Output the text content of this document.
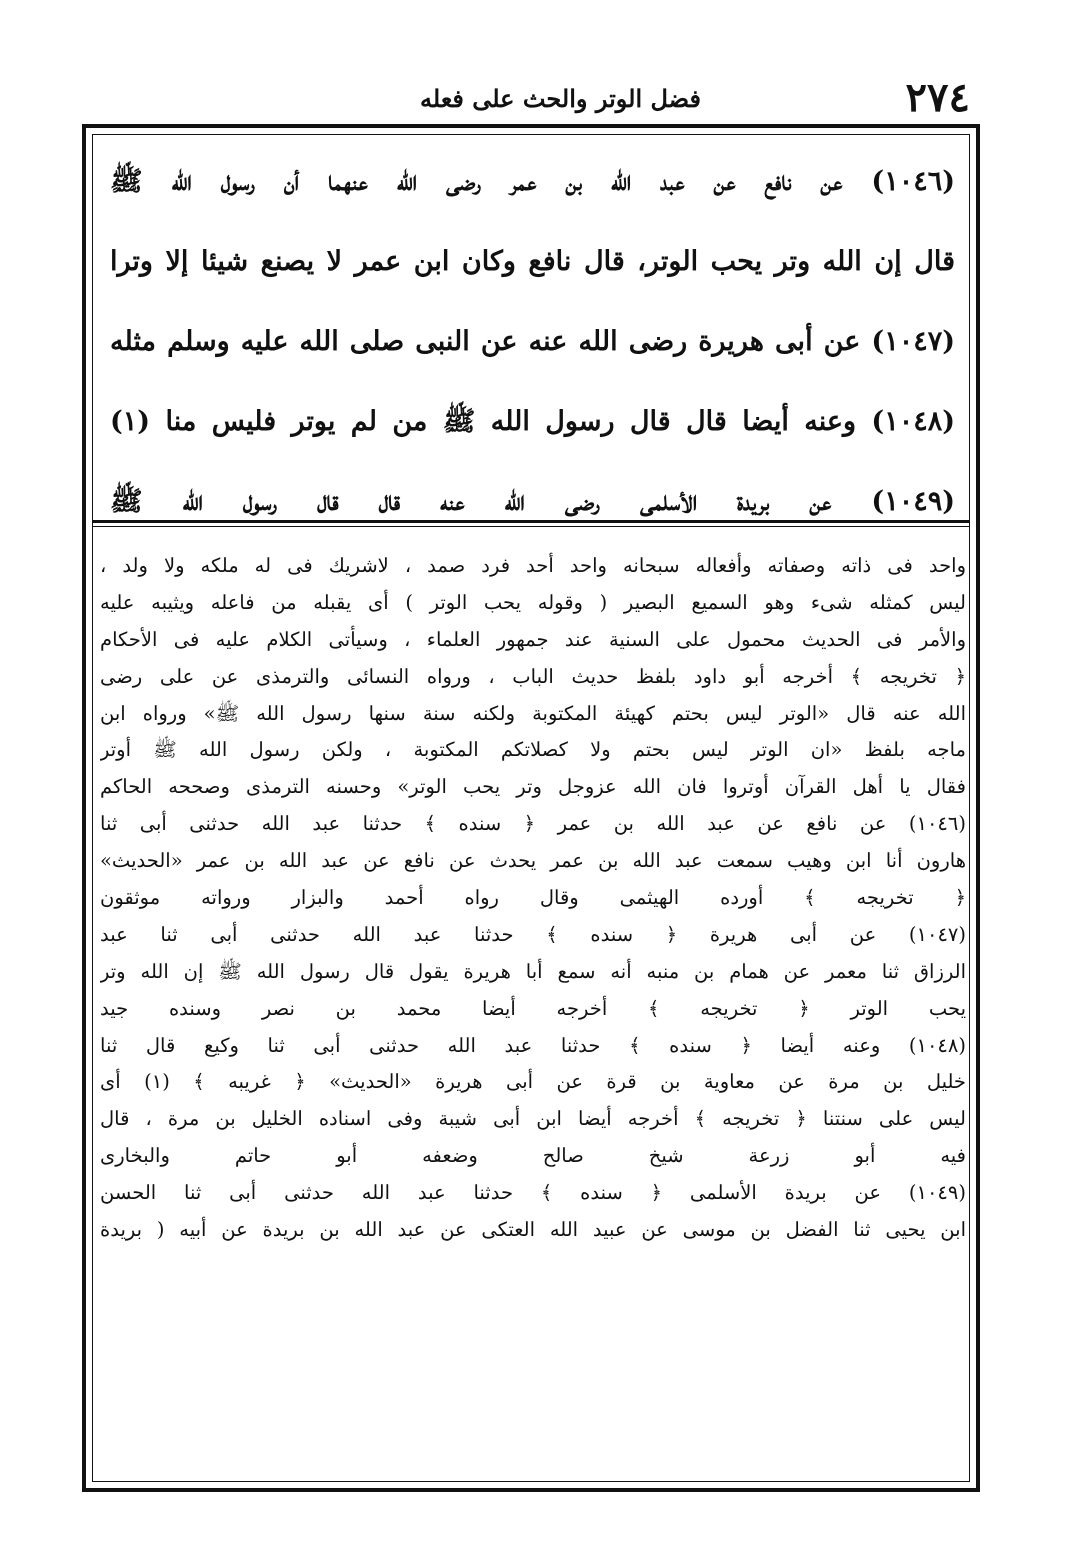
٢٧٤
فضل الوتر والحث على فعله
(١٠٤٦) عن نافع عن عبد الله بن عمر رضى الله عنهما أن رسول الله ﷺ
قال إن الله وتر يحب الوتر، قال نافع وكان ابن عمر لا يصنع شيئا إلا وترا
(١٠٤٧) عن أبى هريرة رضى الله عنه عن النبى صلى الله عليه وسلم مثله
(١٠٤٨) وعنه أيضا قال قال رسول الله ﷺ من لم يوتر فليس منا (١)
(١٠٤٩) عن بريدة الأسلمى رضى الله عنه قال قال رسول الله ﷺ
واحد فى ذاته وصفاته وأفعاله سبحانه واحد أحد فرد صمد ، لاشريك فى له ملكه ولا ولد ،
ليس كمثله شىء وهو السميع البصير ( وقوله يحب الوتر ) أى يقبله من فاعله ويثيبه عليه
والأمر فى الحديث محمول على السنية عند جمهور العلماء ، وسيأتى الكلام عليه فى الأحكام
﴿ تخريجه ﴾ أخرجه أبو داود بلفظ حديث الباب ، ورواه النسائى والترمذى عن على رضى
الله عنه قال «الوتر ليس بحتم كهيئة المكتوبة ولكنه سنة سنها رسول الله ﷺ» ورواه ابن
ماجه بلفظ «ان الوتر ليس بحتم ولا كصلاتكم المكتوبة ، ولكن رسول الله ﷺ أوتر
فقال يا أهل القرآن أوتروا فان الله عزوجل وتر يحب الوتر» وحسنه الترمذى وصححه الحاكم
(١٠٤٦) عن نافع عن عبد الله بن عمر ﴿ سنده ﴾ حدثنا عبد الله حدثنى أبى ثنا
هارون أنا ابن وهيب سمعت عبد الله بن عمر يحدث عن نافع عن عبد الله بن عمر «الحديث»
﴿ تخريجه ﴾ أورده الهيثمى وقال رواه أحمد والبزار ورواته موثقون
(١٠٤٧) عن أبى هريرة ﴿ سنده ﴾ حدثنا عبد الله حدثنى أبى ثنا عبد
الرزاق ثنا معمر عن همام بن منبه أنه سمع أبا هريرة يقول قال رسول الله ﷺ إن الله وتر
يحب الوتر ﴿ تخريجه ﴾ أخرجه أيضا محمد بن نصر وسنده جيد
(١٠٤٨) وعنه أيضا ﴿ سنده ﴾ حدثنا عبد الله حدثنى أبى ثنا وكيع قال ثنا
خليل بن مرة عن معاوية بن قرة عن أبى هريرة «الحديث» ﴿ غريبه ﴾ (١) أى
ليس على سنتنا ﴿ تخريجه ﴾ أخرجه أيضا ابن أبى شيبة وفى اسناده الخليل بن مرة ، قال
فيه أبو زرعة شيخ صالح وضعفه أبو حاتم والبخارى
(١٠٤٩) عن بريدة الأسلمى ﴿ سنده ﴾ حدثنا عبد الله حدثنى أبى ثنا الحسن
ابن يحيى ثنا الفضل بن موسى عن عبيد الله العتكى عن عبد الله بن بريدة عن أبيه ( بريدة
